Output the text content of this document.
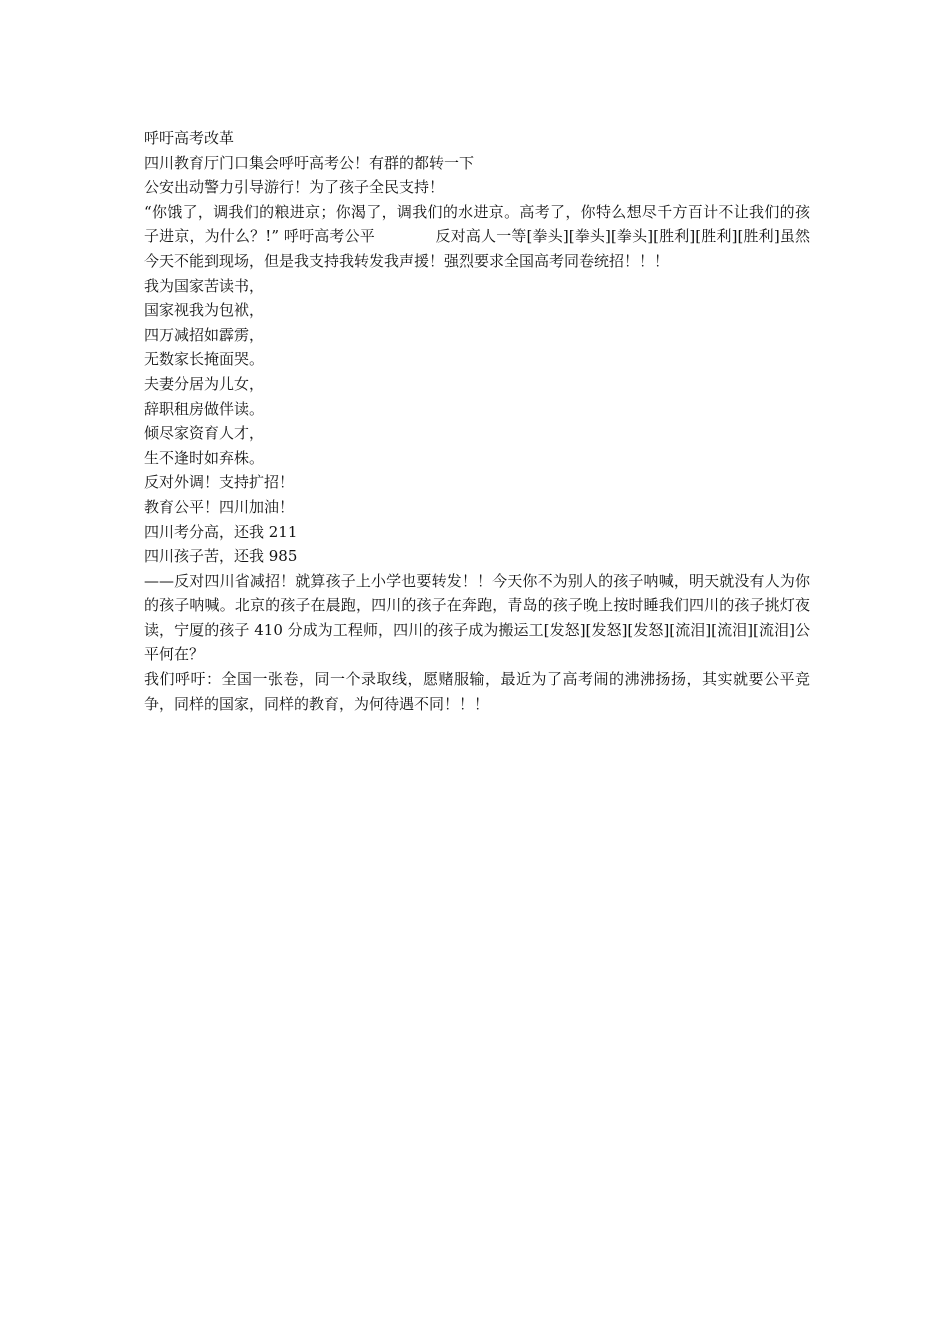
呼吁高考改革
四川教育厅门口集会呼吁高考公！有群的都转一下
公安出动警力引导游行！为了孩子全民支持！

“你饿了，调我们的粮进京；你渴了，调我们的水进京。高考了，你特么想尽千方百计不让我们的孩子进京，为什么？!” 呼吁高考公平　　　　反对高人一等[拳头][拳头][拳头][胜利][胜利][胜利]虽然今天不能到现场，但是我支持我转发我声援！强烈要求全国高考同卷统招！！！

我为国家苦读书，
国家视我为包袱，
四万减招如霹雳，
无数家长掩面哭。
夫妻分居为儿女，
辞职租房做伴读。
倾尽家资育人才，
生不逢时如弃株。
反对外调！支持扩招！
教育公平！四川加油！
四川考分高，还我 211
四川孩子苦，还我 985

——反对四川省减招！就算孩子上小学也要转发！！今天你不为别人的孩子呐喊，明天就没有人为你的孩子呐喊。北京的孩子在晨跑，四川的孩子在奔跑，青岛的孩子晚上按时睡我们四川的孩子挑灯夜读，宁厦的孩子 410 分成为工程师，四川的孩子成为搬运工[发怒][发怒][发怒][流泪][流泪][流泪]公平何在？

我们呼吁：全国一张卷，同一个录取线，愿赌服输，最近为了高考闹的沸沸扬扬，其实就要公平竞争，同样的国家，同样的教育，为何待遇不同！！！
